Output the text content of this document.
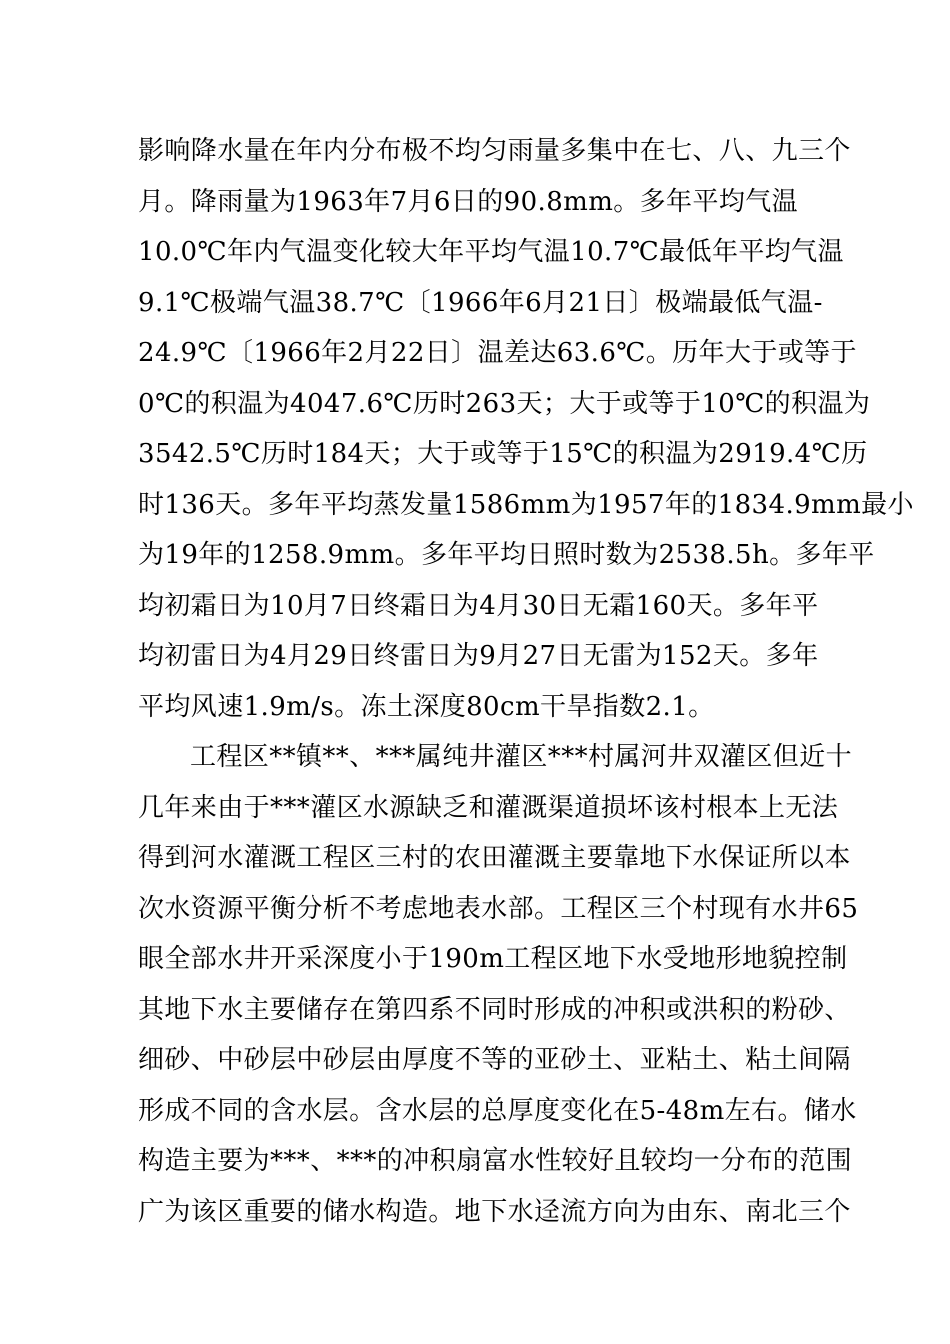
影响降水量在年内分布极不均匀雨量多集中在七、八、九三个
月。降雨量为1963年7月6日的90.8mm。多年平均气温
10.0℃年内气温变化较大年平均气温10.7℃最低年平均气温
9.1℃极端气温38.7℃〔1966年6月21日〕极端最低气温-
24.9℃〔1966年2月22日〕温差达63.6℃。历年大于或等于
0℃的积温为4047.6℃历时263天；大于或等于10℃的积温为
3542.5℃历时184天；大于或等于15℃的积温为2919.4℃历
时136天。多年平均蒸发量1586mm为1957年的1834.9mm最小
为19年的1258.9mm。多年平均日照时数为2538.5h。多年平
均初霜日为10月7日终霜日为4月30日无霜160天。多年平
均初雷日为4月29日终雷日为9月27日无雷为152天。多年
平均风速1.9m/s。冻土深度80cm干旱指数2.1。
工程区**镇**、***属纯井灌区***村属河井双灌区但近十
几年来由于***灌区水源缺乏和灌溉渠道损坏该村根本上无法
得到河水灌溉工程区三村的农田灌溉主要靠地下水保证所以本
次水资源平衡分析不考虑地表水部。工程区三个村现有水井65
眼全部水井开采深度小于190m工程区地下水受地形地貌控制
其地下水主要储存在第四系不同时形成的冲积或洪积的粉砂、
细砂、中砂层中砂层由厚度不等的亚砂土、亚粘土、粘土间隔
形成不同的含水层。含水层的总厚度变化在5-48m左右。储水
构造主要为***、***的冲积扇富水性较好且较均一分布的范围
广为该区重要的储水构造。地下水迳流方向为由东、南北三个
